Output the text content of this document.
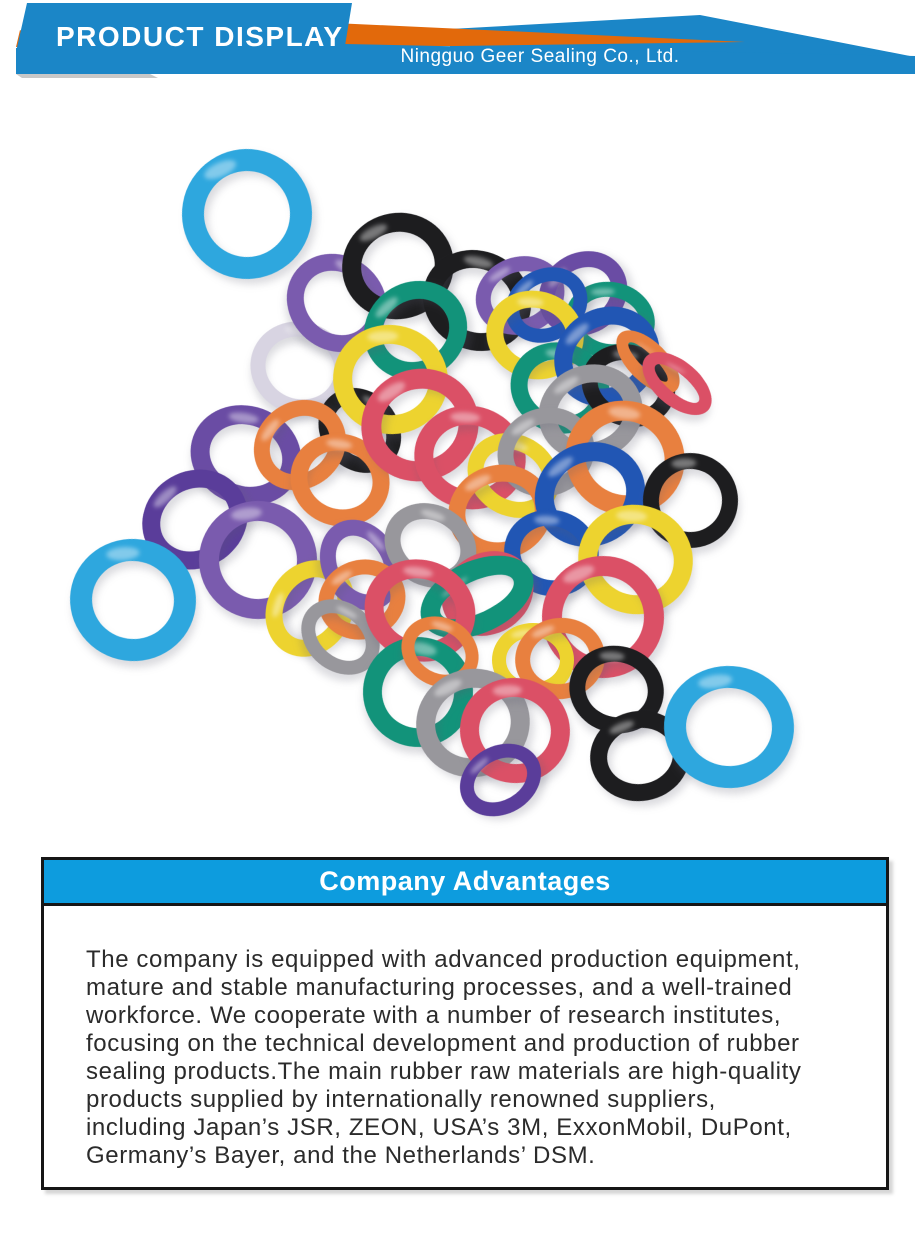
PRODUCT DISPLAY
Ningguo Geer Sealing Co., Ltd.
Company Advantages
The company is equipped with advanced production equipment,
mature and stable manufacturing processes, and a well-trained
workforce. We cooperate with a number of research institutes,
focusing on the technical development and production of rubber
sealing products.The main rubber raw materials are high-quality
products supplied by internationally renowned suppliers,
including Japan’s JSR, ZEON, USA’s 3M, ExxonMobil, DuPont,
Germany’s Bayer, and the Netherlands’ DSM.
